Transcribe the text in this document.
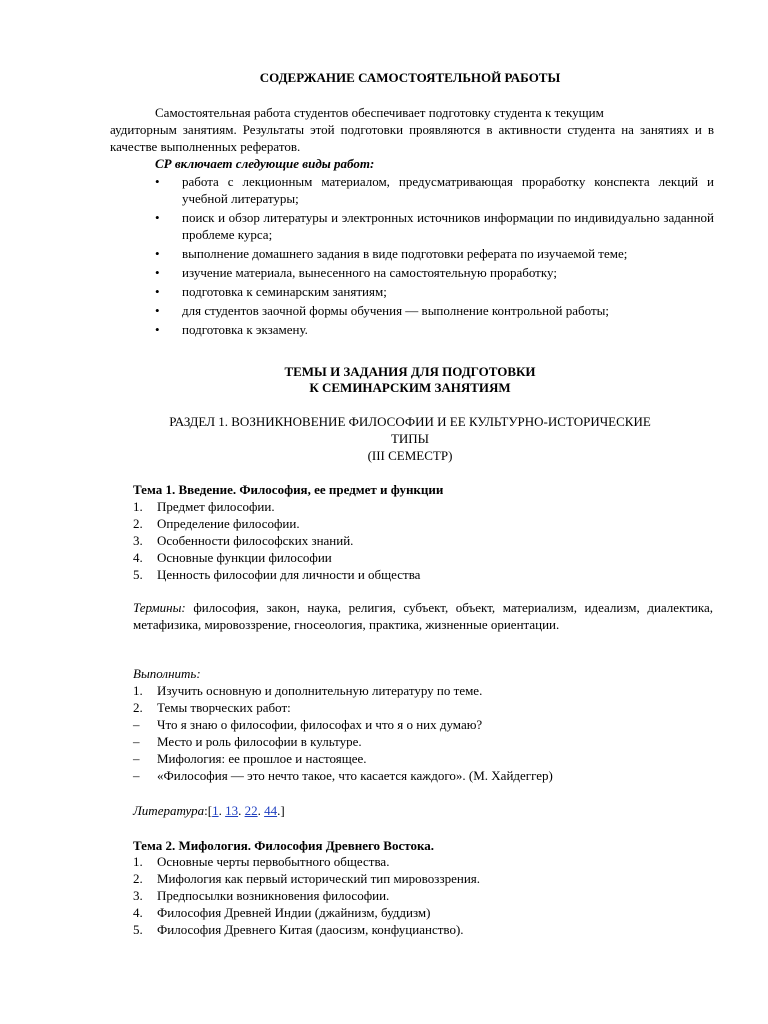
СОДЕРЖАНИЕ САМОСТОЯТЕЛЬНОЙ РАБОТЫ

Самостоятельная работа студентов обеспечивает подготовку студента к текущим

аудиторным занятиям. Результаты этой подготовки проявляются в активности студента на занятиях и в качестве выполненных рефератов.

СР включает следующие виды работ:
• работа с лекционным материалом, предусматривающая проработку конспекта лекций и учебной литературы;
• поиск и обзор литературы и электронных источников информации по индивидуально заданной проблеме курса;
• выполнение домашнего задания в виде подготовки реферата по изучаемой теме;
• изучение материала, вынесенного на самостоятельную проработку;
• подготовка к семинарским занятиям;
• для студентов заочной формы обучения — выполнение контрольной работы;
• подготовка к экзамену.
ТЕМЫ И ЗАДАНИЯ ДЛЯ ПОДГОТОВКИ
К СЕМИНАРСКИМ ЗАНЯТИЯМ
РАЗДЕЛ 1. ВОЗНИКНОВЕНИЕ ФИЛОСОФИИ И ЕЕ КУЛЬТУРНО-ИСТОРИЧЕСКИЕ
ТИПЫ
(III СЕМЕСТР)
Тема 1. Введение. Философия, ее предмет и функции
1. Предмет философии.
2. Определение философии.
3. Особенности философских знаний.
4. Основные функции философии
5. Ценность философии для личности и общества
Термины: философия, закон, наука, религия, субъект, объект, материализм, идеализм, диалектика, метафизика, мировоззрение, гносеология, практика, жизненные ориентации.
Выполнить:
1. Изучить основную и дополнительную литературу по теме.
2. Темы творческих работ:
– Что я знаю о философии, философах и что я о них думаю?
– Место и роль философии в культуре.
– Мифология: ее прошлое и настоящее.
– «Философия — это нечто такое, что касается каждого». (М. Хайдеггер)
Литература:[1. 13. 22. 44.]
Тема 2. Мифология. Философия Древнего Востока.
1. Основные черты первобытного общества.
2. Мифология как первый исторический тип мировоззрения.
3. Предпосылки возникновения философии.
4. Философия Древней Индии (джайнизм, буддизм)
5. Философия Древнего Китая (даосизм, конфуцианство).
